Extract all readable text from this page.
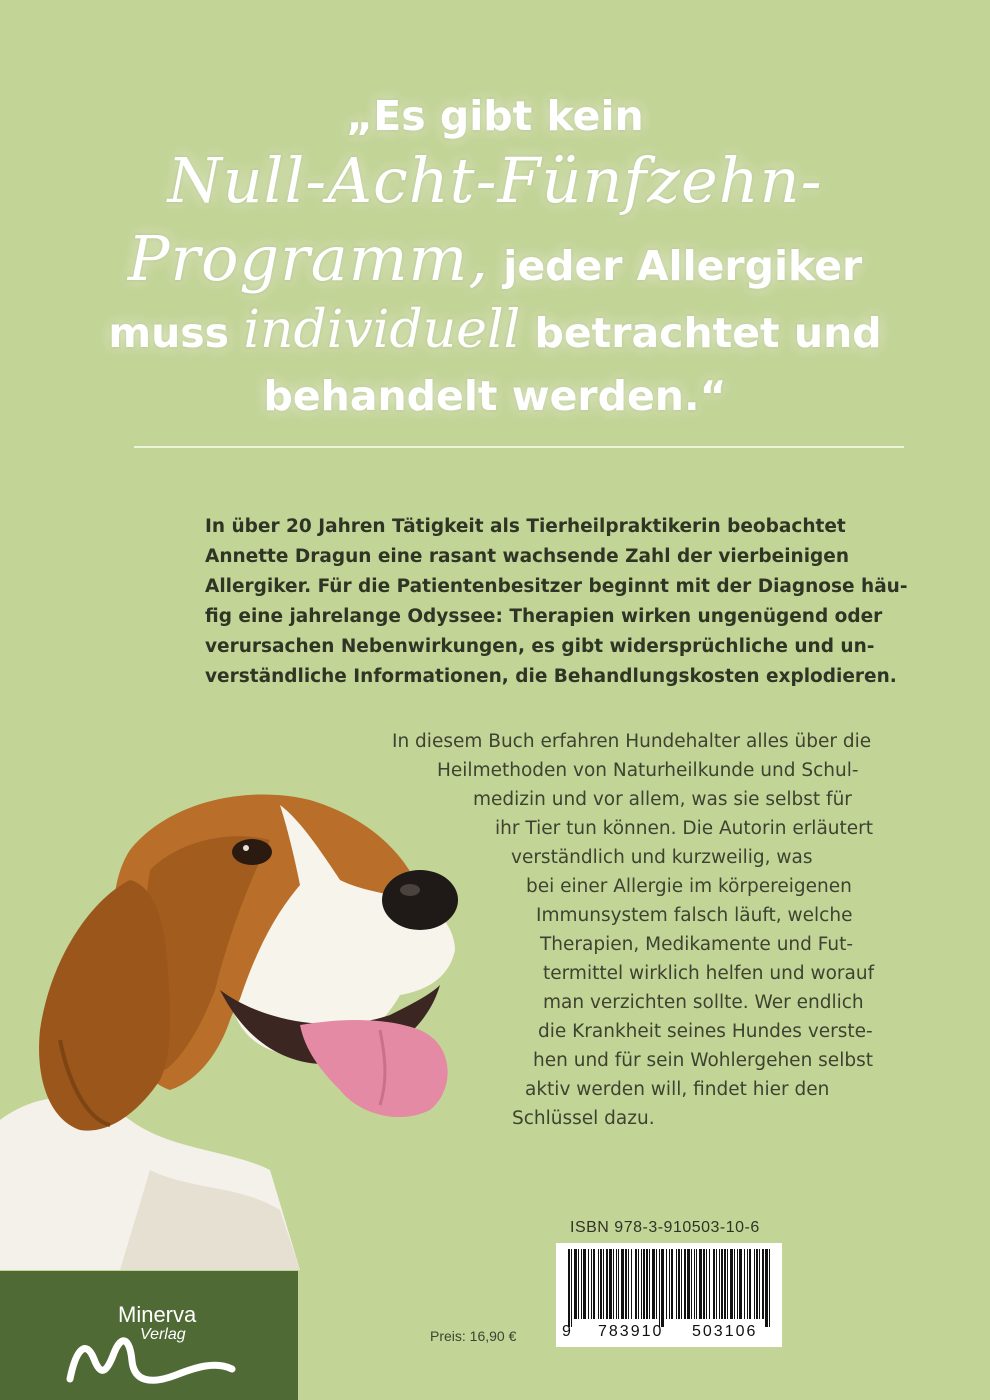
„Es gibt kein
Null-Acht-Fünfzehn-
Programm, jeder Allergiker
muss individuell betrachtet und
behandelt werden.“
In über 20 Jahren Tätigkeit als Tierheilpraktikerin beobachtet
Annette Dragun eine rasant wachsende Zahl der vierbeinigen
Allergiker. Für die Patientenbesitzer beginnt mit der Diagnose häu-
fig eine jahrelange Odyssee: Therapien wirken ungenügend oder
verursachen Nebenwirkungen, es gibt widersprüchliche und un-
verständliche Informationen, die Behandlungskosten explodieren.
In diesem Buch erfahren Hundehalter alles über die
Heilmethoden von Naturheilkunde und Schul-
medizin und vor allem, was sie selbst für
ihr Tier tun können. Die Autorin erläutert
verständlich und kurzweilig, was
bei einer Allergie im körpereigenen
Immunsystem falsch läuft, welche
Therapien, Medikamente und Fut-
termittel wirklich helfen und worauf
man verzichten sollte. Wer endlich
die Krankheit seines Hundes verste-
hen und für sein Wohlergehen selbst
aktiv werden will, findet hier den
Schlüssel dazu.
Minerva
Verlag
ISBN 978-3-910503-10-6
9 783910 503106
Preis: 16,90 €
